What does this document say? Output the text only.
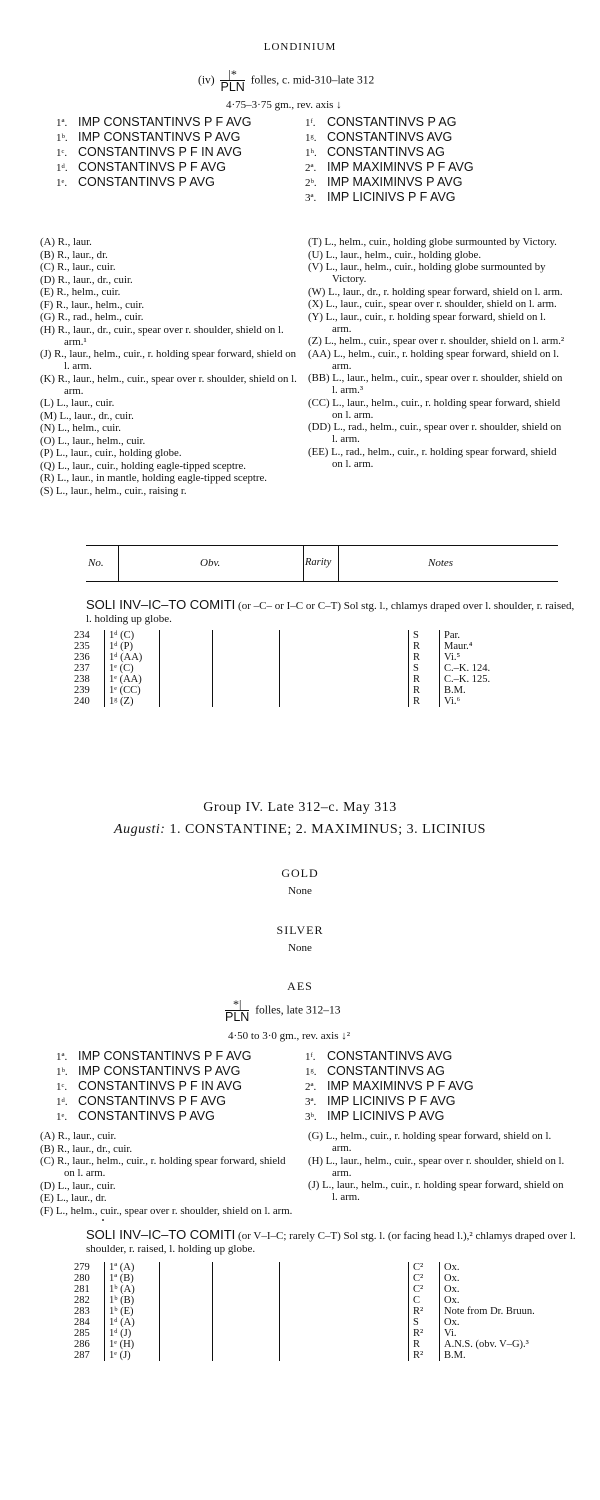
LONDINIUM
$(iv) \frac{|*}{\text{PLN}}$ folles, c. mid-310–late 312
4·75–3·75 gm., rev. axis ↓
1ª. IMP CONSTANTINVS P F AVG
1ᵇ. IMP CONSTANTINVS P AVG
1ᶜ. CONSTANTINVS P F IN AVG
1ᵈ. CONSTANTINVS P F AVG
1ᵉ. CONSTANTINVS P AVG
1ᶠ. CONSTANTINVS P AG
1ᵍ. CONSTANTINVS AVG
1ʰ. CONSTANTINVS AG
2ª. IMP MAXIMINVS P F AVG
2ᵇ. IMP MAXIMINVS P AVG
3ª. IMP LICINIVS P F AVG
(A) R., laur.
(B) R., laur., dr.
(C) R., laur., cuir.
(D) R., laur., dr., cuir.
(E) R., helm., cuir.
(F) R., laur., helm., cuir.
(G) R., rad., helm., cuir.
(H) R., laur., dr., cuir., spear over r. shoulder, shield on l. arm.¹
(J) R., laur., helm., cuir., r. holding spear forward, shield on l. arm.
(K) R., laur., helm., cuir., spear over r. shoulder, shield on l. arm.
(L) L., laur., cuir.
(M) L., laur., dr., cuir.
(N) L., helm., cuir.
(O) L., laur., helm., cuir.
(P) L., laur., cuir., holding globe.
(Q) L., laur., cuir., holding eagle-tipped sceptre.
(R) L., laur., in mantle, holding eagle-tipped sceptre.
(S) L., laur., helm., cuir., raising r.
(T) L., helm., cuir., holding globe surmounted by Victory.
(U) L., laur., helm., cuir., holding globe.
(V) L., laur., helm., cuir., holding globe surmounted by Victory.
(W) L., laur., dr., r. holding spear forward, shield on l. arm.
(X) L., laur., cuir., spear over r. shoulder, shield on l. arm.
(Y) L., laur., cuir., r. holding spear forward, shield on l. arm.
(Z) L., helm., cuir., spear over r. shoulder, shield on l. arm.²
(AA) L., helm., cuir., r. holding spear forward, shield on l. arm.
(BB) L., laur., helm., cuir., spear over r. shoulder, shield on l. arm.³
(CC) L., laur., helm., cuir., r. holding spear forward, shield on l. arm.
(DD) L., rad., helm., cuir., spear over r. shoulder, shield on l. arm.
(EE) L., rad., helm., cuir., r. holding spear forward, shield on l. arm.
No.	Obv.	Rarity	Notes
SOLI INV–IC–TO COMITI (or –C– or I–C or C–T) Sol stg. l., chlamys draped over l. shoulder, r. raised, l. holding up globe.
234	1ᵈ (C)					S	Par.
235	1ᵈ (P)					R	Maur.⁴
236	1ᵈ (AA)					R	Vi.⁵
237	1ᵉ (C)					S	C.–K. 124.
238	1ᵉ (AA)					R	C.–K. 125.
239	1ᵉ (CC)					R	B.M.
240	1ᵍ (Z)					R	Vi.⁶
Group IV. Late 312–c. May 313
Augusti: 1. CONSTANTINE; 2. MAXIMINUS; 3. LICINIUS
GOLD
None
SILVER
None
AES
$\frac{*|}{\text{PLN}}$ folles, late 312–13
4·50 to 3·0 gm., rev. axis ↓²
1ª. IMP CONSTANTINVS P F AVG
1ᵇ. IMP CONSTANTINVS P AVG
1ᶜ. CONSTANTINVS P F IN AVG
1ᵈ. CONSTANTINVS P F AVG
1ᵉ. CONSTANTINVS P AVG
1ᶠ. CONSTANTINVS AVG
1ᵍ. CONSTANTINVS AG
2ª. IMP MAXIMINVS P F AVG
3ª. IMP LICINIVS P F AVG
3ᵇ. IMP LICINIVS P AVG
(A) R., laur., cuir.
(B) R., laur., dr., cuir.
(C) R., laur., helm., cuir., r. holding spear forward, shield on l. arm.
(D) L., laur., cuir.
(E) L., laur., dr.
(F) L., helm., cuir., spear over r. shoulder, shield on l. arm.
(G) L., helm., cuir., r. holding spear forward, shield on l. arm.
(H) L., laur., helm., cuir., spear over r. shoulder, shield on l. arm.
(J) L., laur., helm., cuir., r. holding spear forward, shield on l. arm.
SOLI INV–IC–TO COMITI (or V–I–C; rarely C–T) Sol stg. l. (or facing head l.),² chlamys draped over l. shoulder, r. raised, l. holding up globe.
279	1ª (A)					C²	Ox.
280	1ª (B)					C²	Ox.
281	1ᵇ (A)					C²	Ox.
282	1ᵇ (B)					C	Ox.
283	1ᵇ (E)					R²	Note from Dr. Bruun.
284	1ᵈ (A)					S	Ox.
285	1ᵈ (J)					R²	Vi.
286	1ᵉ (H)					R	A.N.S. (obv. V–G).³
287	1ᵉ (J)					R²	B.M.
